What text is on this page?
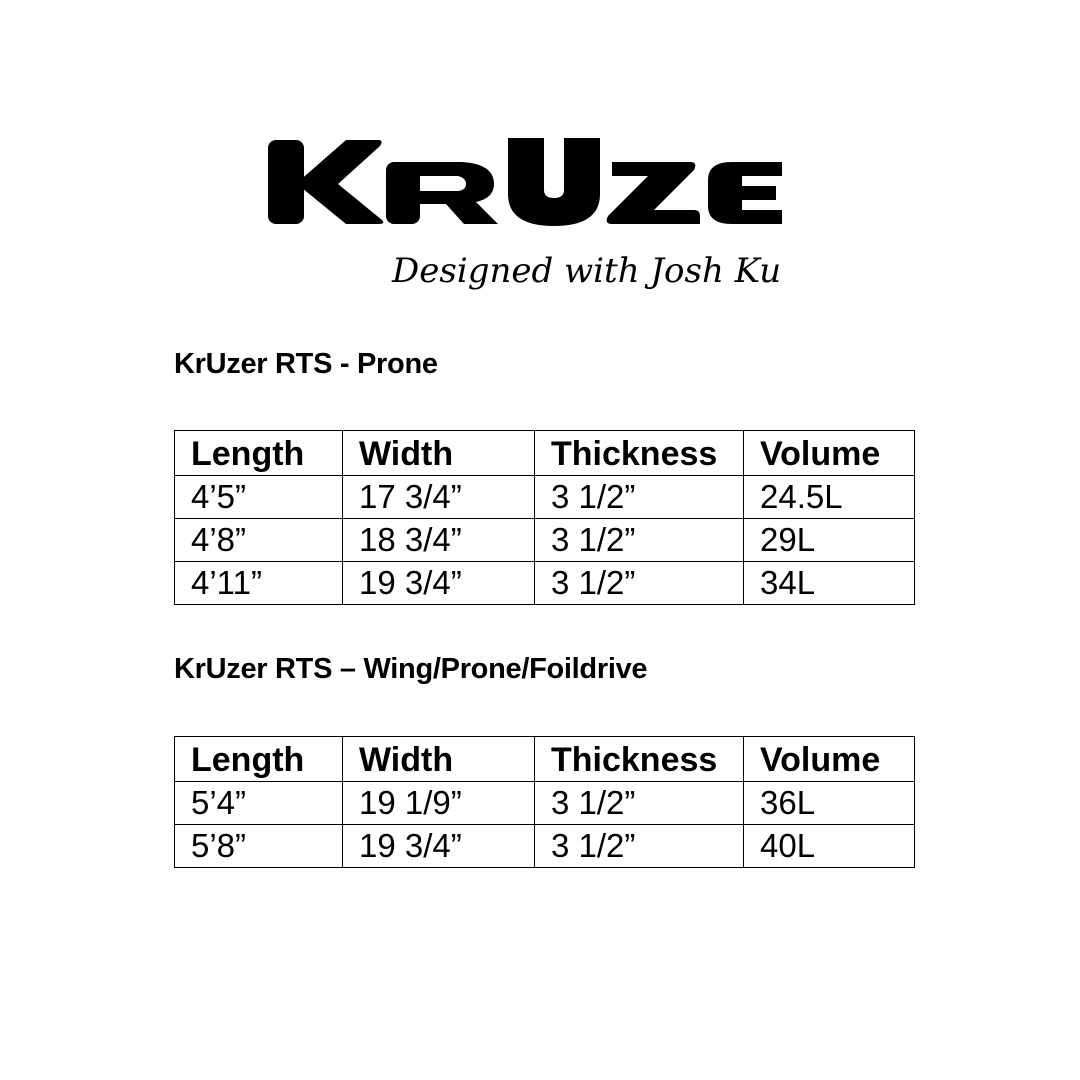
Designed with Josh Ku
KrUzer RTS - Prone
Length	Width	Thickness	Volume
4’5”	17 3/4”	3 1/2”	24.5L
4’8”	18 3/4”	3 1/2”	29L
4’11”	19 3/4”	3 1/2”	34L
KrUzer RTS – Wing/Prone/Foildrive
Length	Width	Thickness	Volume
5’4”	19 1/9”	3 1/2”	36L
5’8”	19 3/4”	3 1/2”	40L
